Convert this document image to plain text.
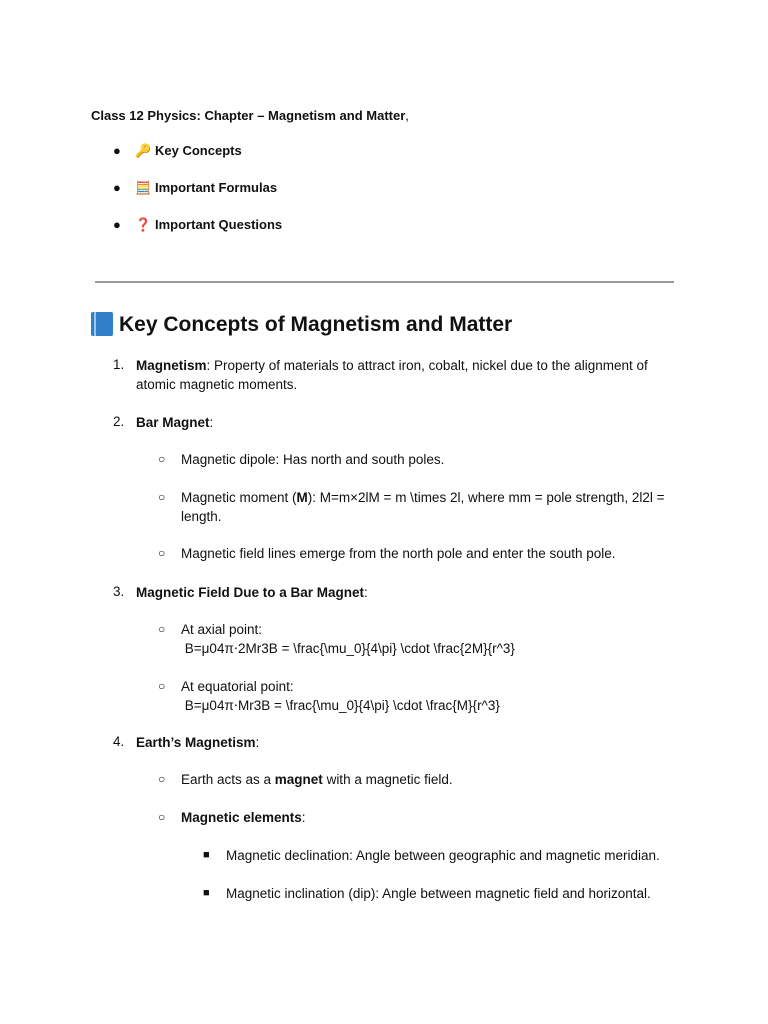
Class 12 Physics: Chapter – Magnetism and Matter,
● 🔑 Key Concepts
● 🧮 Important Formulas
● ❓ Important Questions
Key Concepts of Magnetism and Matter
1. Magnetism: Property of materials to attract iron, cobalt, nickel due to the alignment of
atomic magnetic moments.
2. Bar Magnet:
○ Magnetic dipole: Has north and south poles.
○ Magnetic moment (M): M=m×2lM = m \times 2l, where mm = pole strength, 2l2l =
length.
○ Magnetic field lines emerge from the north pole and enter the south pole.
3. Magnetic Field Due to a Bar Magnet:
○ At axial point:
B=μ04π⋅2Mr3B = \frac{\mu_0}{4\pi} \cdot \frac{2M}{r^3}
○ At equatorial point:
B=μ04π⋅Mr3B = \frac{\mu_0}{4\pi} \cdot \frac{M}{r^3}
4. Earth’s Magnetism:
○ Earth acts as a magnet with a magnetic field.
○ Magnetic elements:
■ Magnetic declination: Angle between geographic and magnetic meridian.
■ Magnetic inclination (dip): Angle between magnetic field and horizontal.
